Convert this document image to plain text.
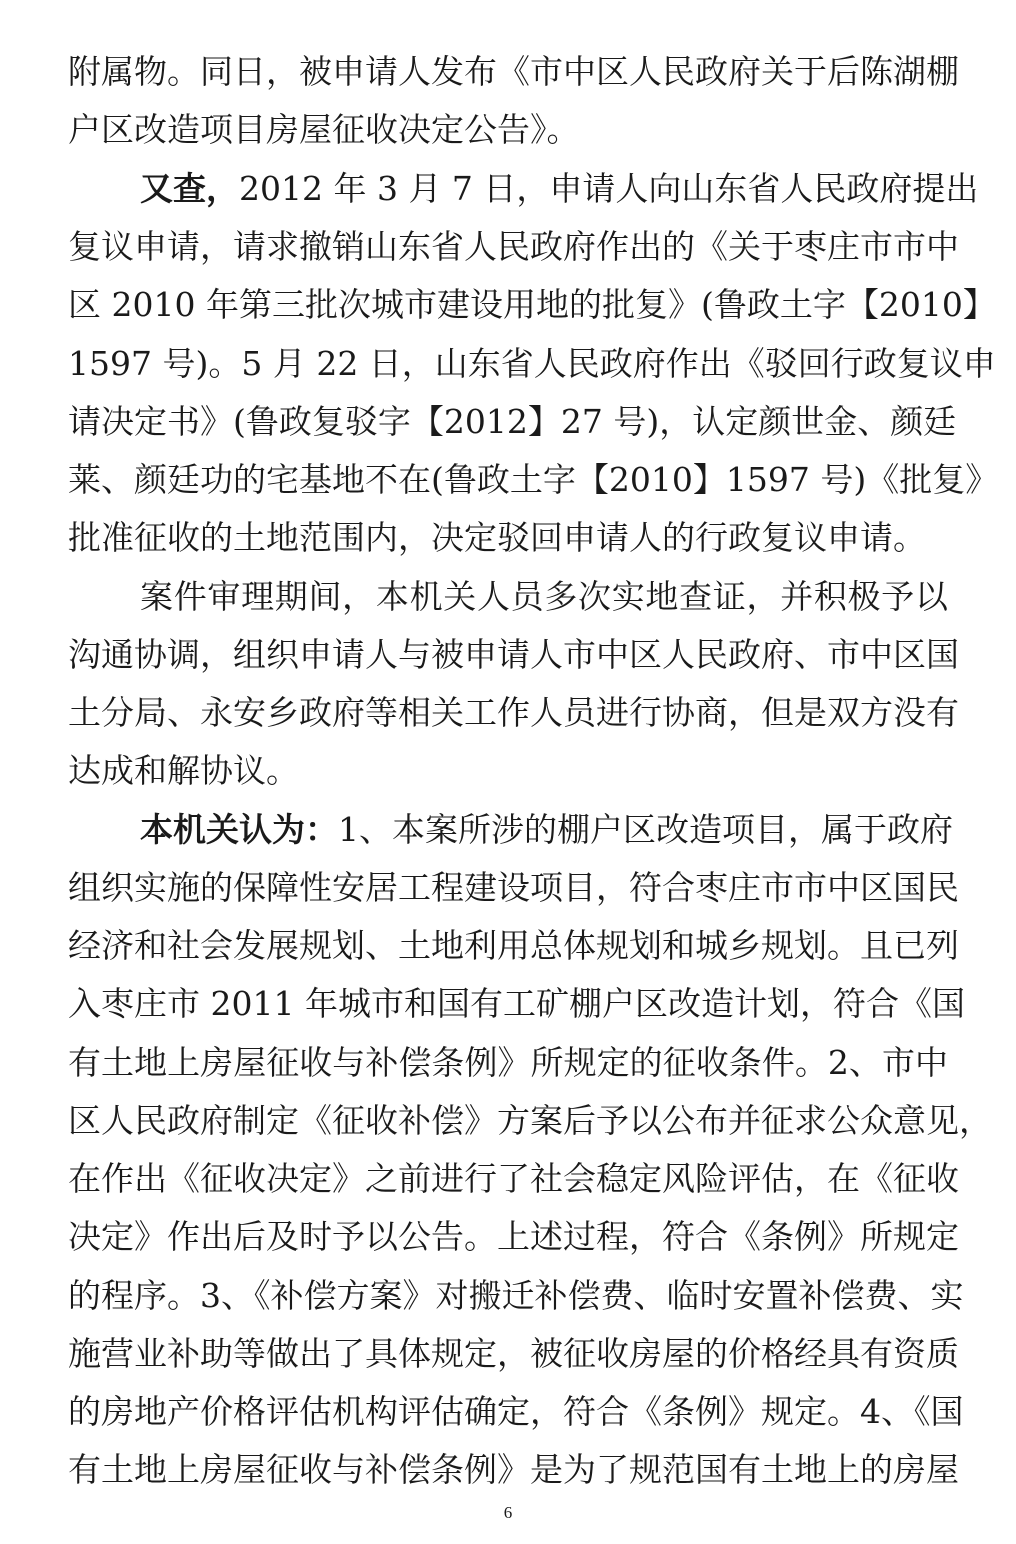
附属物。同日，被申请人发布《市中区人民政府关于后陈湖棚
户区改造项目房屋征收决定公告》。
又查，2012 年 3 月 7 日，申请人向山东省人民政府提出
复议申请，请求撤销山东省人民政府作出的《关于枣庄市市中
区 2010 年第三批次城市建设用地的批复》(鲁政土字【2010】
1597 号)。5 月 22 日，山东省人民政府作出《驳回行政复议申
请决定书》(鲁政复驳字【2012】27 号)，认定颜世金、颜廷
莱、颜廷功的宅基地不在(鲁政土字【2010】1597 号)《批复》
批准征收的土地范围内，决定驳回申请人的行政复议申请。
案件审理期间，本机关人员多次实地查证，并积极予以
沟通协调，组织申请人与被申请人市中区人民政府、市中区国
土分局、永安乡政府等相关工作人员进行协商，但是双方没有
达成和解协议。
本机关认为：1、本案所涉的棚户区改造项目，属于政府
组织实施的保障性安居工程建设项目，符合枣庄市市中区国民
经济和社会发展规划、土地利用总体规划和城乡规划。且已列
入枣庄市 2011 年城市和国有工矿棚户区改造计划，符合《国
有土地上房屋征收与补偿条例》所规定的征收条件。2、市中
区人民政府制定《征收补偿》方案后予以公布并征求公众意见，
在作出《征收决定》之前进行了社会稳定风险评估，在《征收
决定》作出后及时予以公告。上述过程，符合《条例》所规定
的程序。3、《补偿方案》对搬迁补偿费、临时安置补偿费、实
施营业补助等做出了具体规定，被征收房屋的价格经具有资质
的房地产价格评估机构评估确定，符合《条例》规定。4、《国
有土地上房屋征收与补偿条例》是为了规范国有土地上的房屋
6
